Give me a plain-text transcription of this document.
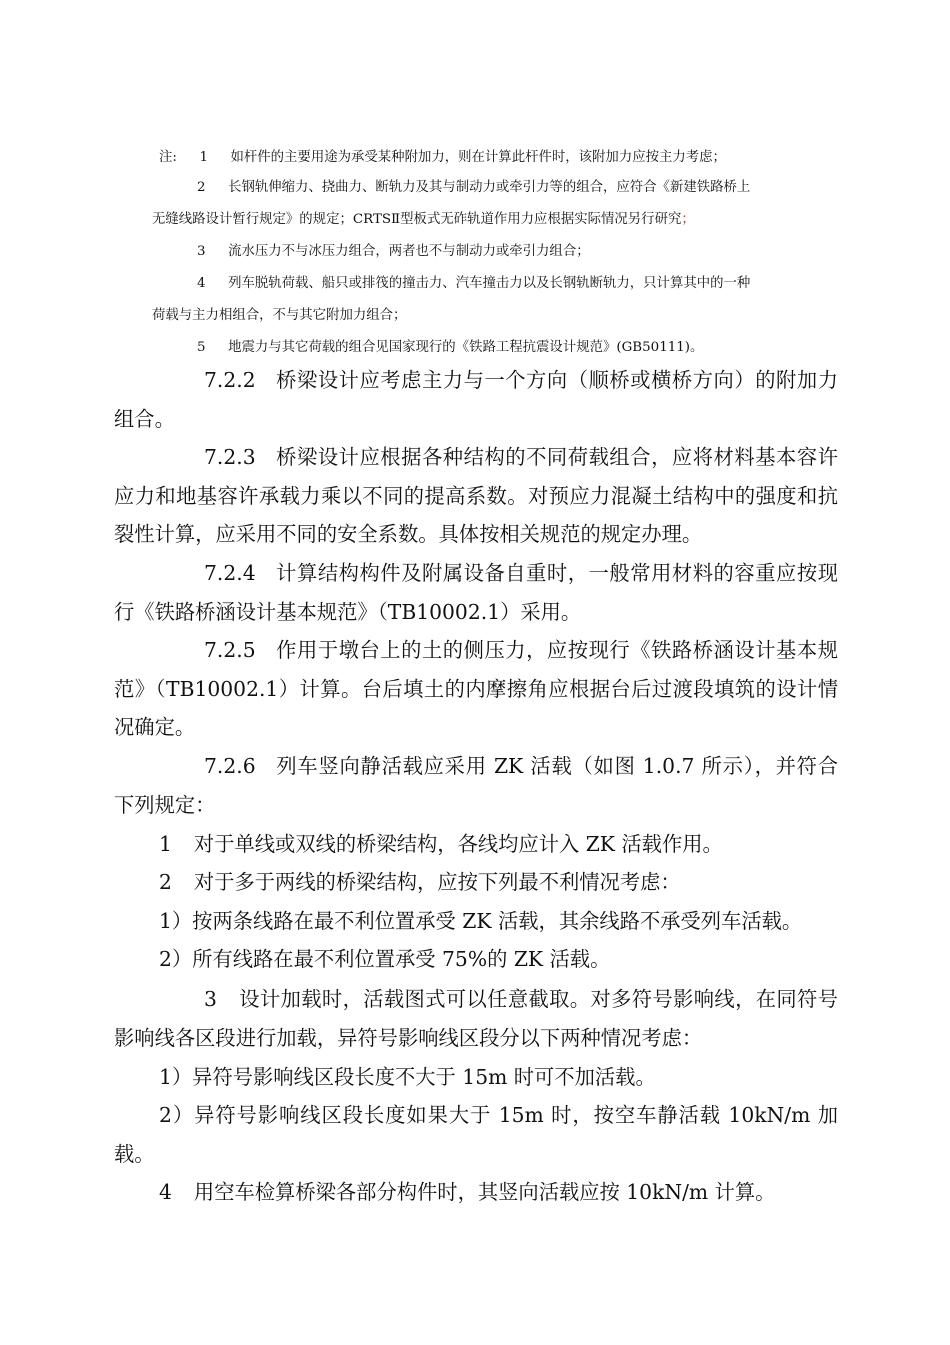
注: 1 如杆件的主要用途为承受某种附加力，则在计算此杆件时，该附加力应按主力考虑；
2 长钢轨伸缩力、挠曲力、断轨力及其与制动力或牵引力等的组合，应符合《新建铁路桥上
无缝线路设计暂行规定》的规定；CRTSⅡ型板式无砟轨道作用力应根据实际情况另行研究；
3 流水压力不与冰压力组合，两者也不与制动力或牵引力组合；
4 列车脱轨荷载、船只或排筏的撞击力、汽车撞击力以及长钢轨断轨力，只计算其中的一种
荷载与主力相组合，不与其它附加力组合；
5 地震力与其它荷载的组合见国家现行的《铁路工程抗震设计规范》(GB50111)。
7.2.2 桥梁设计应考虑主力与一个方向（顺桥或横桥方向）的附加力组合。
7.2.3 桥梁设计应根据各种结构的不同荷载组合，应将材料基本容许应力和地基容许承载力乘以不同的提高系数。对预应力混凝土结构中的强度和抗裂性计算，应采用不同的安全系数。具体按相关规范的规定办理。
7.2.4 计算结构构件及附属设备自重时，一般常用材料的容重应按现行《铁路桥涵设计基本规范》（TB10002.1）采用。
7.2.5 作用于墩台上的土的侧压力，应按现行《铁路桥涵设计基本规范》（TB10002.1）计算。台后填土的内摩擦角应根据台后过渡段填筑的设计情况确定。
7.2.6 列车竖向静活载应采用 ZK 活载（如图 1.0.7 所示），并符合下列规定：
1 对于单线或双线的桥梁结构，各线均应计入 ZK 活载作用。
2 对于多于两线的桥梁结构，应按下列最不利情况考虑：
1）按两条线路在最不利位置承受 ZK 活载，其余线路不承受列车活载。
2）所有线路在最不利位置承受 75%的 ZK 活载。
3 设计加载时，活载图式可以任意截取。对多符号影响线，在同符号影响线各区段进行加载，异符号影响线区段分以下两种情况考虑：
1）异符号影响线区段长度不大于 15m 时可不加活载。
2）异符号影响线区段长度如果大于 15m 时，按空车静活载 10kN/m 加载。
4 用空车检算桥梁各部分构件时，其竖向活载应按 10kN/m 计算。
